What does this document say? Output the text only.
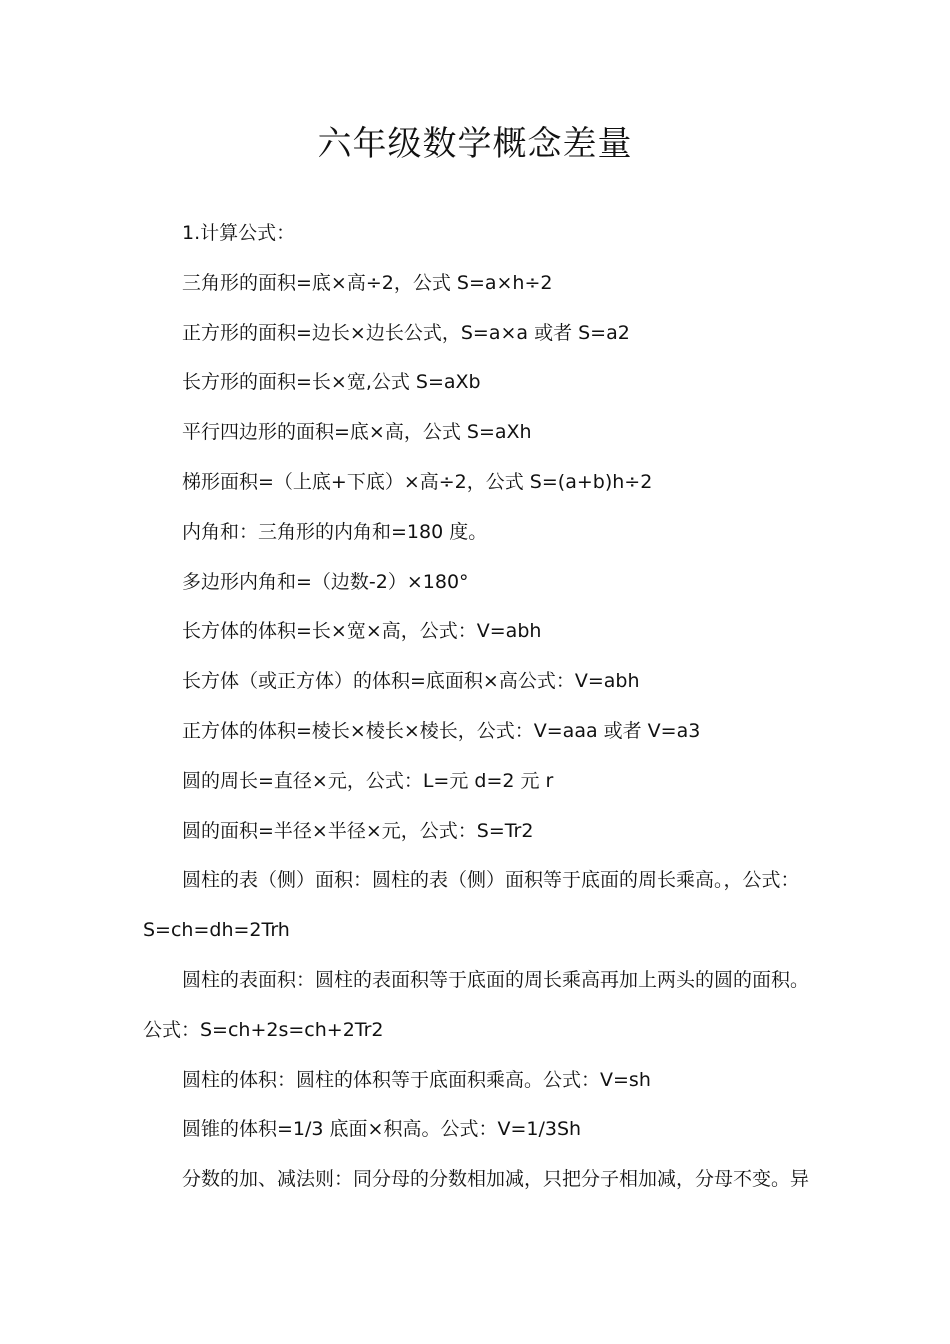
六年级数学概念差量

1.计算公式：

三角形的面积=底×高÷2，公式 S=a×h÷2

正方形的面积=边长×边长公式，S=a×a 或者 S=a2

长方形的面积=长×宽,公式 S=aXb

平行四边形的面积=底×高，公式 S=aXh

梯形面积=（上底+下底）×高÷2，公式 S=(a+b)h÷2

内角和：三角形的内角和=180 度。

多边形内角和=（边数-2）×180°

长方体的体积=长×宽×高，公式：V=abh

长方体（或正方体）的体积=底面积×高公式：V=abh

正方体的体积=棱长×棱长×棱长，公式：V=aaa 或者 V=a3

圆的周长=直径×元，公式：L=元 d=2 元 r

圆的面积=半径×半径×元，公式：S=Tr2

圆柱的表（侧）面积：圆柱的表（侧）面积等于底面的周长乘高。，公式：

S=ch=dh=2Trh

圆柱的表面积：圆柱的表面积等于底面的周长乘高再加上两头的圆的面积。

公式：S=ch+2s=ch+2Tr2

圆柱的体积：圆柱的体积等于底面积乘高。公式：V=sh

圆锥的体积=1/3 底面×积高。公式：V=1/3Sh

分数的加、减法则：同分母的分数相加减，只把分子相加减，分母不变。异
